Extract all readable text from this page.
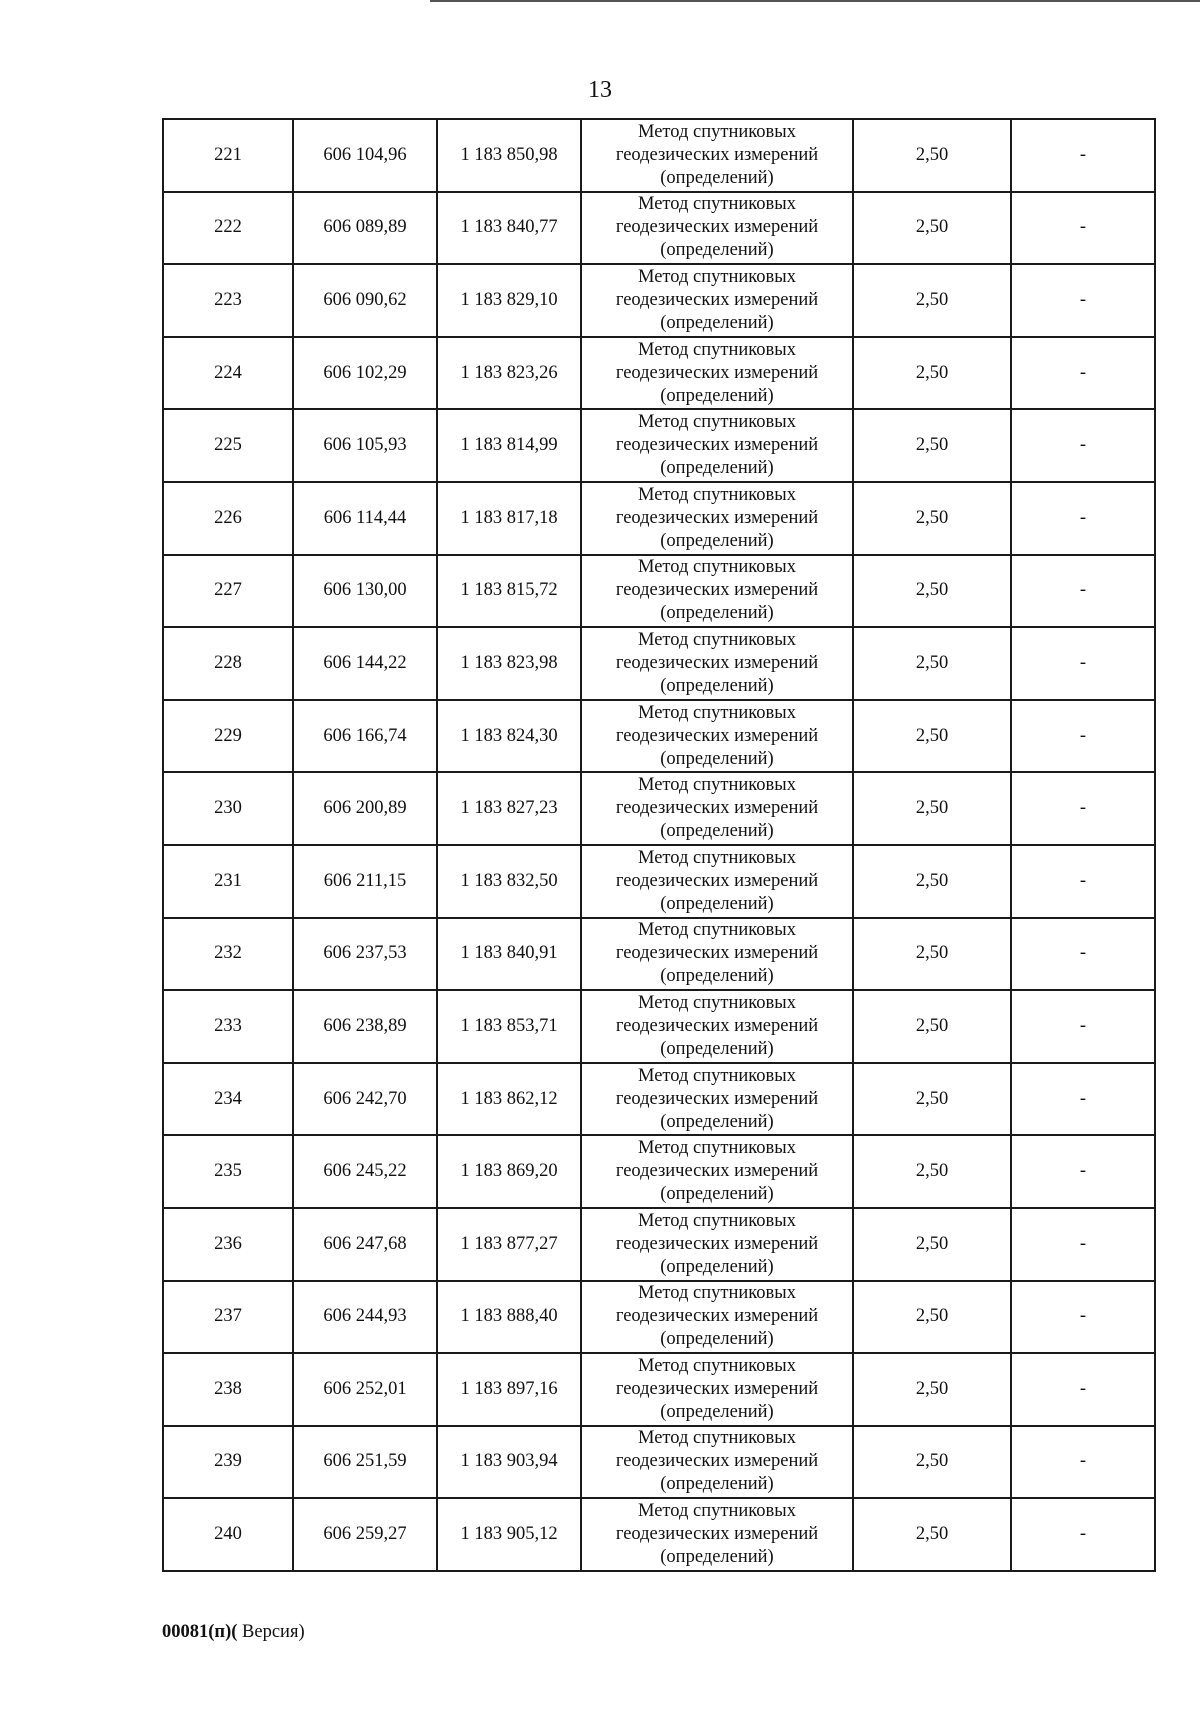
13
221	606 104,96	1 183 850,98	Метод спутниковых
геодезических измерений
(определений)	2,50	-
222	606 089,89	1 183 840,77	Метод спутниковых
геодезических измерений
(определений)	2,50	-
223	606 090,62	1 183 829,10	Метод спутниковых
геодезических измерений
(определений)	2,50	-
224	606 102,29	1 183 823,26	Метод спутниковых
геодезических измерений
(определений)	2,50	-
225	606 105,93	1 183 814,99	Метод спутниковых
геодезических измерений
(определений)	2,50	-
226	606 114,44	1 183 817,18	Метод спутниковых
геодезических измерений
(определений)	2,50	-
227	606 130,00	1 183 815,72	Метод спутниковых
геодезических измерений
(определений)	2,50	-
228	606 144,22	1 183 823,98	Метод спутниковых
геодезических измерений
(определений)	2,50	-
229	606 166,74	1 183 824,30	Метод спутниковых
геодезических измерений
(определений)	2,50	-
230	606 200,89	1 183 827,23	Метод спутниковых
геодезических измерений
(определений)	2,50	-
231	606 211,15	1 183 832,50	Метод спутниковых
геодезических измерений
(определений)	2,50	-
232	606 237,53	1 183 840,91	Метод спутниковых
геодезических измерений
(определений)	2,50	-
233	606 238,89	1 183 853,71	Метод спутниковых
геодезических измерений
(определений)	2,50	-
234	606 242,70	1 183 862,12	Метод спутниковых
геодезических измерений
(определений)	2,50	-
235	606 245,22	1 183 869,20	Метод спутниковых
геодезических измерений
(определений)	2,50	-
236	606 247,68	1 183 877,27	Метод спутниковых
геодезических измерений
(определений)	2,50	-
237	606 244,93	1 183 888,40	Метод спутниковых
геодезических измерений
(определений)	2,50	-
238	606 252,01	1 183 897,16	Метод спутниковых
геодезических измерений
(определений)	2,50	-
239	606 251,59	1 183 903,94	Метод спутниковых
геодезических измерений
(определений)	2,50	-
240	606 259,27	1 183 905,12	Метод спутниковых
геодезических измерений
(определений)	2,50	-
00081(п)( Версия)
